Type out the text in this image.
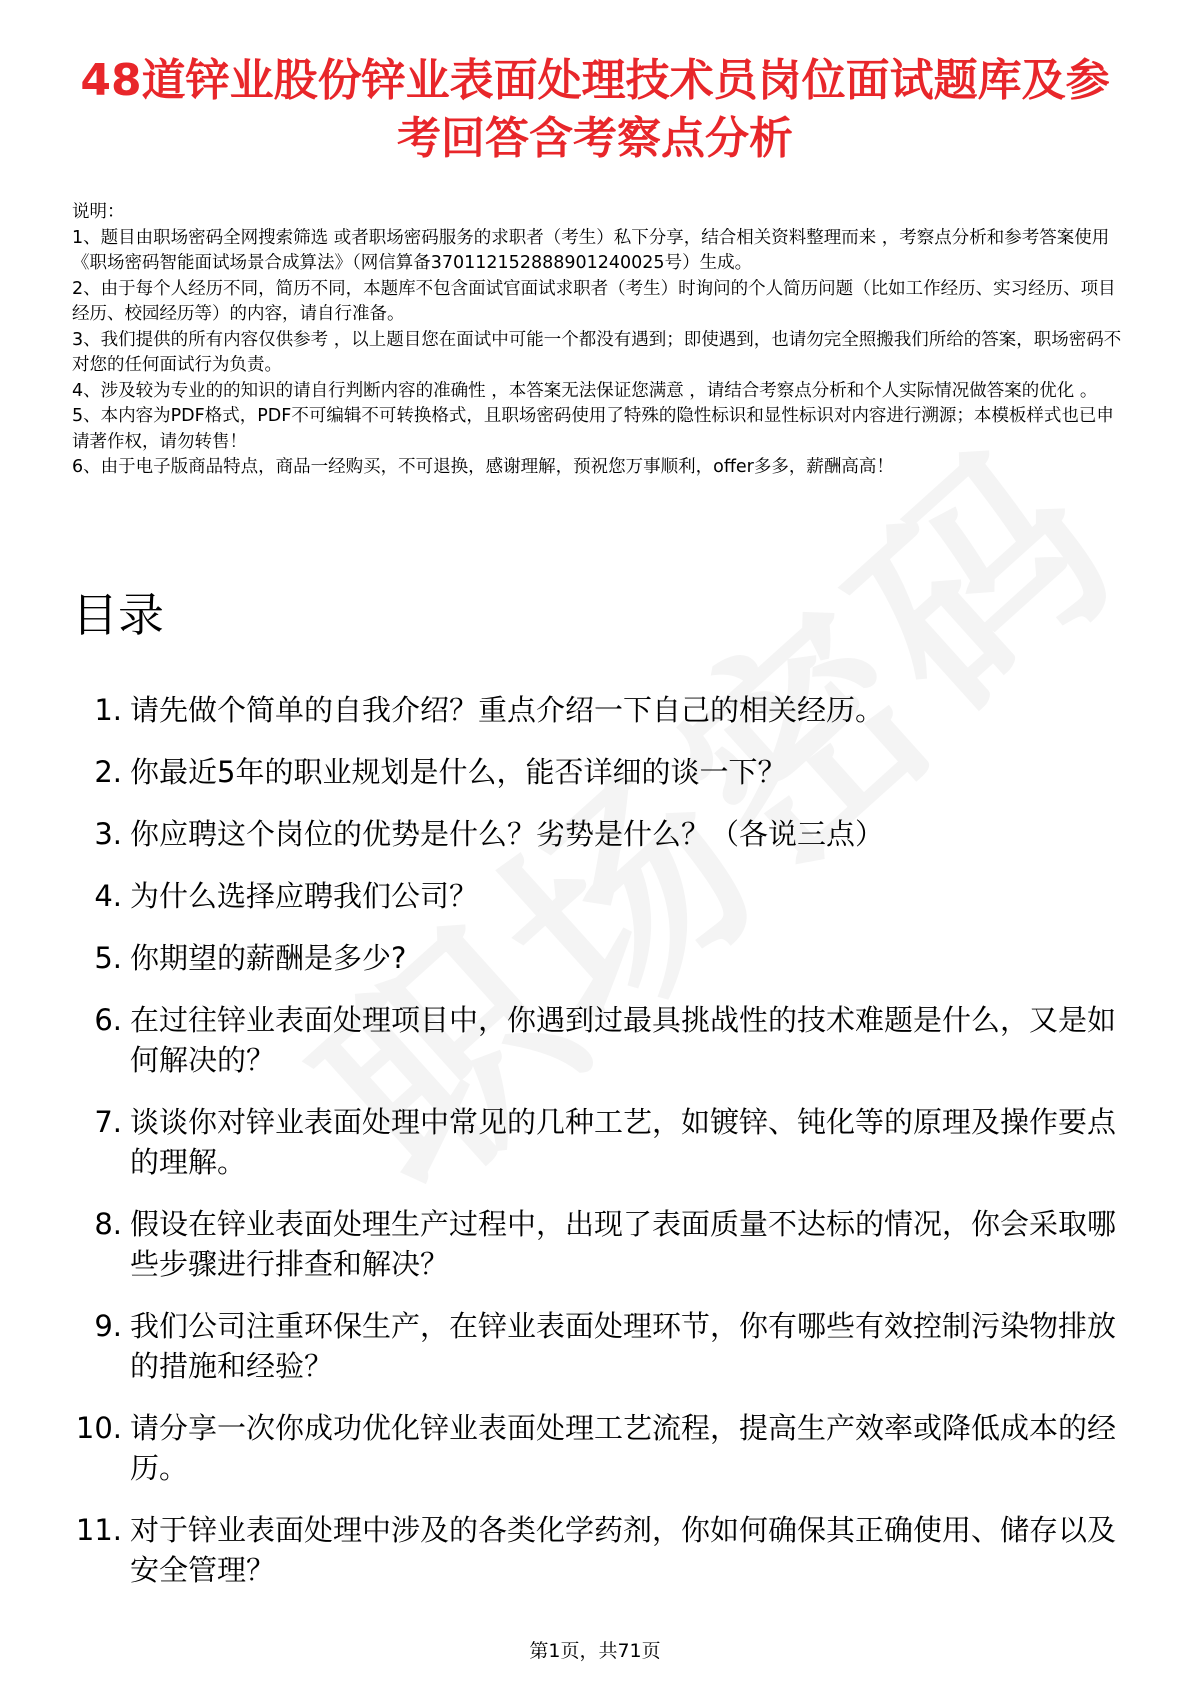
48道锌业股份锌业表面处理技术员岗位面试题库及参考回答含考察点分析

说明：

1、题目由职场密码全网搜索筛选 或者职场密码服务的求职者（考生）私下分享，结合相关资料整理而来 ，考察点分析和参考答案使用《职场密码智能面试场景合成算法》（网信算备370112152888901240025号）生成。

2、由于每个人经历不同，简历不同，本题库不包含面试官面试求职者（考生）时询问的个人简历问题（比如工作经历、实习经历、项目经历、校园经历等）的内容，请自行准备。

3、我们提供的所有内容仅供参考 ，以上题目您在面试中可能一个都没有遇到；即使遇到，也请勿完全照搬我们所给的答案，职场密码不对您的任何面试行为负责。

4、涉及较为专业的的知识的请自行判断内容的准确性 ，本答案无法保证您满意 ，请结合考察点分析和个人实际情况做答案的优化 。

5、本内容为PDF格式，PDF不可编辑不可转换格式，且职场密码使用了特殊的隐性标识和显性标识对内容进行溯源；本模板样式也已申请著作权，请勿转售！

6、由于电子版商品特点，商品一经购买，不可退换，感谢理解，预祝您万事顺利，offer多多，薪酬高高！

目录
1. 请先做个简单的自我介绍？重点介绍一下自己的相关经历。
2. 你最近5年的职业规划是什么，能否详细的谈一下？
3. 你应聘这个岗位的优势是什么？劣势是什么？（各说三点）
4. 为什么选择应聘我们公司？
5. 你期望的薪酬是多少?
6. 在过往锌业表面处理项目中，你遇到过最具挑战性的技术难题是什么，又是如何解决的？
7. 谈谈你对锌业表面处理中常见的几种工艺，如镀锌、钝化等的原理及操作要点的理解。
8. 假设在锌业表面处理生产过程中，出现了表面质量不达标的情况，你会采取哪些步骤进行排查和解决？
9. 我们公司注重环保生产，在锌业表面处理环节，你有哪些有效控制污染物排放的措施和经验？
10. 请分享一次你成功优化锌业表面处理工艺流程，提高生产效率或降低成本的经历。
11. 对于锌业表面处理中涉及的各类化学药剂，你如何确保其正确使用、储存以及安全管理？
第1页，共71页
